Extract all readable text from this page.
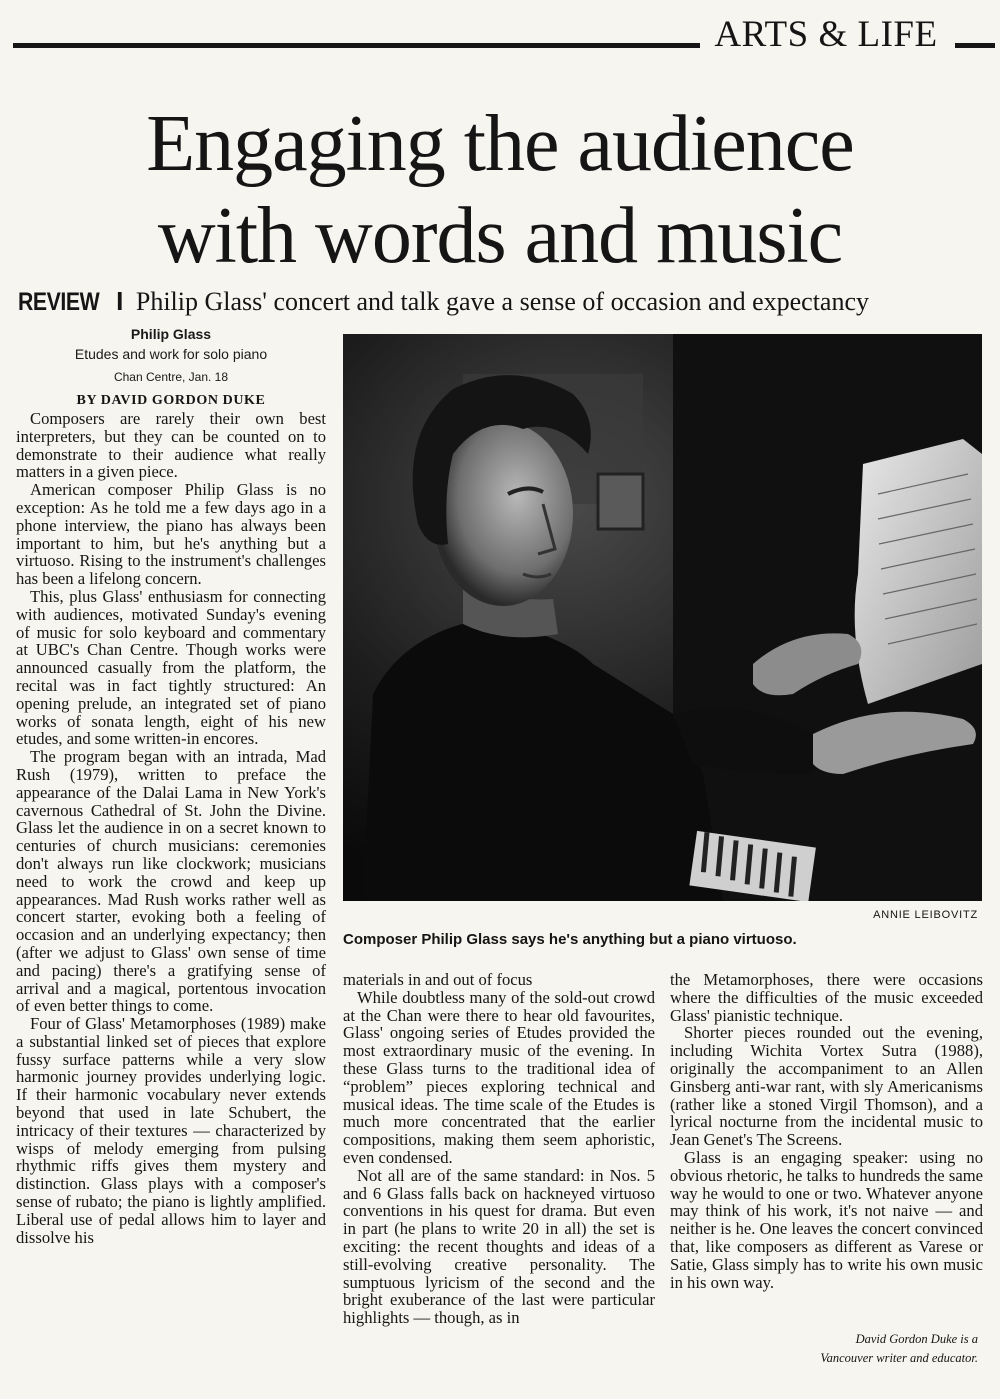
ARTS & LIFE
Engaging the audience
with words and music
REVIEW I Philip Glass' concert and talk gave a sense of occasion and expectancy
Philip Glass
Etudes and work for solo piano
Chan Centre, Jan. 18
BY DAVID GORDON DUKE

Composers are rarely their own best interpreters, but they can be counted on to demonstrate to their audience what really matters in a given piece.

American composer Philip Glass is no exception: As he told me a few days ago in a phone interview, the piano has always been important to him, but he's anything but a virtuoso. Rising to the instrument's challenges has been a lifelong concern.

This, plus Glass' enthusiasm for connecting with audiences, motivated Sunday's evening of music for solo keyboard and commentary at UBC's Chan Centre. Though works were announced casually from the platform, the recital was in fact tightly structured: An opening prelude, an integrated set of piano works of sonata length, eight of his new etudes, and some written-in encores.

The program began with an intrada, Mad Rush (1979), written to preface the appearance of the Dalai Lama in New York's cavernous Cathedral of St. John the Divine. Glass let the audience in on a secret known to centuries of church musicians: ceremonies don't always run like clockwork; musicians need to work the crowd and keep up appearances. Mad Rush works rather well as concert starter, evoking both a feeling of occasion and an underlying expectancy; then (after we adjust to Glass' own sense of time and pacing) there's a gratifying sense of arrival and a magical, portentous invocation of even better things to come.

Four of Glass' Metamorphoses (1989) make a substantial linked set of pieces that explore fussy surface patterns while a very slow harmonic journey provides underlying logic. If their harmonic vocabulary never extends beyond that used in late Schubert, the intricacy of their textures — characterized by wisps of melody emerging from pulsing rhythmic riffs gives them mystery and distinction. Glass plays with a composer's sense of rubato; the piano is lightly amplified. Liberal use of pedal allows him to layer and dissolve his

ANNIE LEIBOVITZ
Composer Philip Glass says he's anything but a piano virtuoso.

materials in and out of focus

While doubtless many of the sold-out crowd at the Chan were there to hear old favourites, Glass' ongoing series of Etudes provided the most extraordinary music of the evening. In these Glass turns to the traditional idea of “problem” pieces exploring technical and musical ideas. The time scale of the Etudes is much more concentrated that the earlier compositions, making them seem aphoristic, even condensed.

Not all are of the same standard: in Nos. 5 and 6 Glass falls back on hackneyed virtuoso conventions in his quest for drama. But even in part (he plans to write 20 in all) the set is exciting: the recent thoughts and ideas of a still-evolving creative personality. The sumptuous lyricism of the second and the bright exuberance of the last were particular highlights — though, as in

the Metamorphoses, there were occasions where the difficulties of the music exceeded Glass' pianistic technique.

Shorter pieces rounded out the evening, including Wichita Vortex Sutra (1988), originally the accompaniment to an Allen Ginsberg anti-war rant, with sly Americanisms (rather like a stoned Virgil Thomson), and a lyrical nocturne from the incidental music to Jean Genet's The Screens.

Glass is an engaging speaker: using no obvious rhetoric, he talks to hundreds the same way he would to one or two. Whatever anyone may think of his work, it's not naive — and neither is he. One leaves the concert convinced that, like composers as different as Varese or Satie, Glass simply has to write his own music in his own way.

David Gordon Duke is a
Vancouver writer and educator.
